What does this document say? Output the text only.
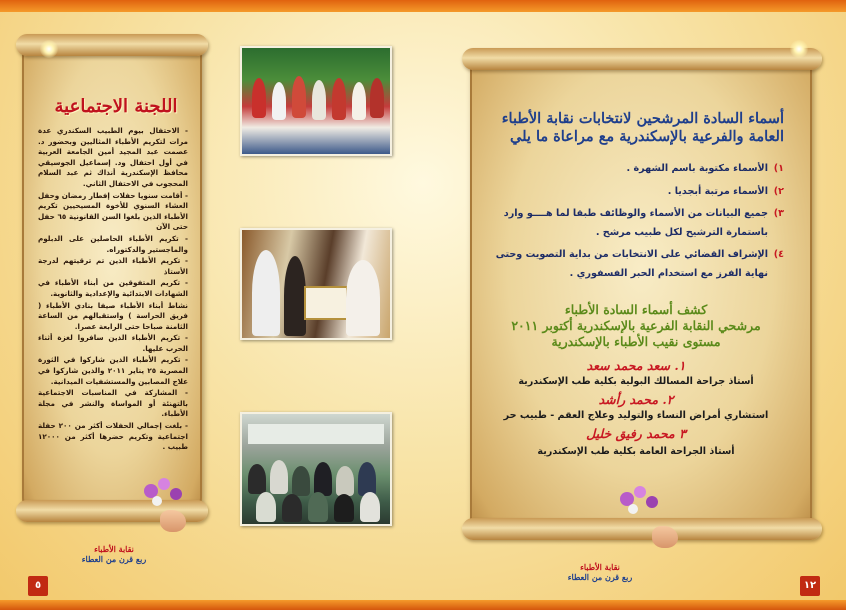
اللجنة الاجتماعية
- الاحتفال بيوم الطبيب السكندري عدة مرات لتكريم الأطباء المثاليين وبحضور د. عصمت عبد المجيد أمين الجامعة العربية في أول احتفال ود. إسماعيل الجوسيقي محافظ الإسكندرية أنذاك ثم عبد السلام المحجوب في الاحتفال الثاني.
- أقامت سنويا حفلات إفطار رمضان وحفل العشاء السنوي للأخوة المسيحيين تكريم الأطباء الذين بلغوا السن القانونية ٦٥ حفل حتى الآن
- تكريم الأطباء الحاصلين على الدبلوم والماجستير والدكتوراه.
- تكريم الأطباء الذين تم ترقيتهم لدرجة الأستاذ
- تكريم المتفوقين من أبناء الأطباء في الشهادات الابتدائية والإعدادية والثانوية.
نشاط أبناء الأطباء صيفا بنادي الأطباء ( فريق الحراسة ) واستقبالهم من الساعة الثامنة صباحا حتى الرابعة عصرا.
- تكريم الأطباء الذين سافروا لغزة أثناء الحرب عليها.
- تكريم الأطباء الذين شاركوا في الثورة المصرية ٢٥ يناير ٢٠١١ والذين شاركوا في علاج المصابين والمستشفيات الميدانية.
- المشاركة في المناسبات الاجتماعية بالتهنئة أو المواساة والنشر في مجلة الأطباء.
- بلغت إجمالي الحفلات أكثر من ٢٠٠ حفلة اجتماعية وتكريم حضرها أكثر من ١٢٠٠٠ طبيب .
نقابة الأطباء
ربع قرن من العطاء
٥
أسماء السادة المرشحين لانتخابات نقابة الأطباء العامة والفرعية بالإسكندرية مع مراعاة ما يلي
١)
الأسماء مكتوبة باسم الشهرة .
٢)
الأسماء مرتبة أبجديا .
٣)
جميع البيانات من الأسماء والوظائف طبقا لما هــــو وارد باستمارة الترشيح لكل طبيب مرشح .
٤)
الإشراف القضائي على الانتخابات من بداية التصويت وحتى نهاية الفرز مع استخدام الحبر الفسفوري .
كشف أسماء السادة الأطباء
مرشحي النقابة الفرعية بالإسكندرية أكتوبر ٢٠١١
مستوى نقيب الأطباء بالإسكندرية
١. سعد محمد سعد
أستاذ جراحة المسالك البولية بكلية طب الإسكندرية
٢. محمد رأشد
استشاري أمراض النساء والتوليد وعلاج العقم - طبيب حر
٣ محمد رفيق خليل
أستاذ الجراحة العامة بكلية طب الإسكندرية
نقابة الأطباء
ربع قرن من العطاء
١٢
